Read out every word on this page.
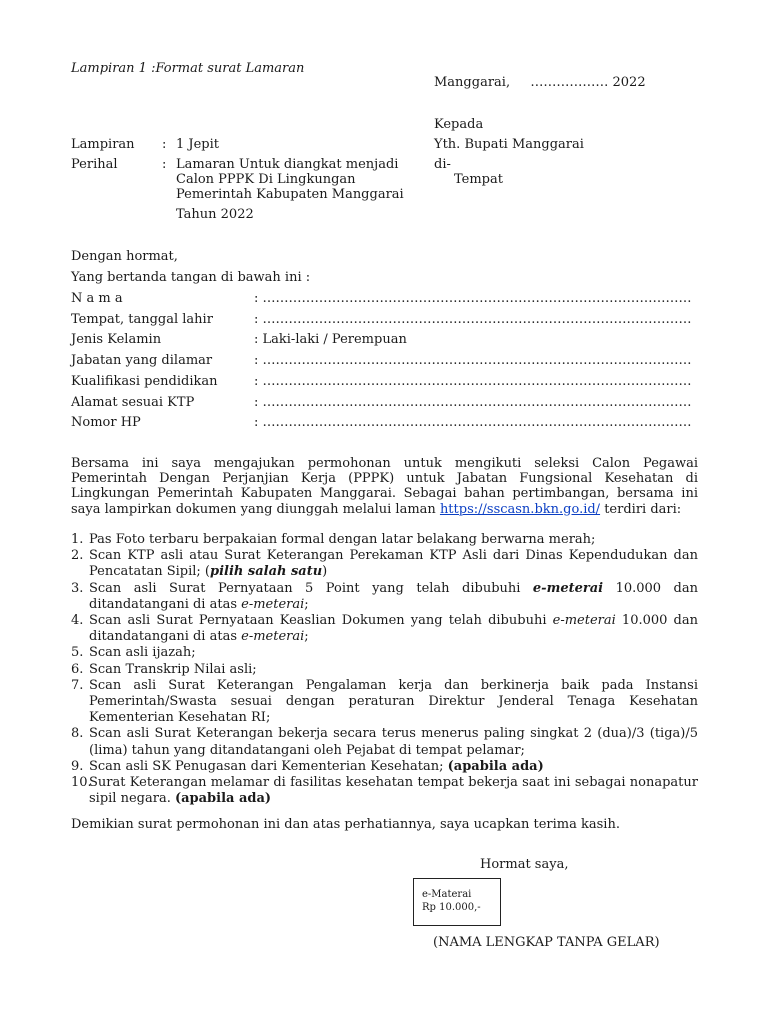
Lampiran 1 :Format surat Lamaran
Manggarai, ……………… 2022
Kepada
Yth. Bupati Manggarai
di-
Tempat
Lampiran : 1 Jepit
Perihal	: Lamaran Untuk diangkat menjadi
Calon PPPK Di Lingkungan
Pemerintah Kabupaten Manggarai
Tahun 2022
Dengan hormat,
Yang bertanda tangan di bawah ini :
N a m a	: ………………………………………………………………………………………
Tempat, tanggal lahir	: ………………………………………………………………………………………
Jenis Kelamin	: Laki-laki / Perempuan
Jabatan yang dilamar	: ………………………………………………………………………………………
Kualifikasi pendidikan	: ………………………………………………………………………………………
Alamat sesuai KTP	: ………………………………………………………………………………………
Nomor HP	: ………………………………………………………………………………………

Bersama ini saya mengajukan permohonan untuk mengikuti seleksi Calon Pegawai Pemerintah Dengan Perjanjian Kerja (PPPK) untuk Jabatan Fungsional Kesehatan di Lingkungan Pemerintah Kabupaten Manggarai. Sebagai bahan pertimbangan, bersama ini saya lampirkan dokumen yang diunggah melalui laman https://sscasn.bkn.go.id/ terdiri dari:

1. Pas Foto terbaru berpakaian formal dengan latar belakang berwarna merah;
2. Scan KTP asli atau Surat Keterangan Perekaman KTP Asli dari Dinas Kependudukan dan Pencatatan Sipil; (pilih salah satu)
3. Scan asli Surat Pernyataan 5 Point yang telah dibubuhi e-meterai 10.000 dan ditandatangani di atas e-meterai;
4. Scan asli Surat Pernyataan Keaslian Dokumen yang telah dibubuhi e-meterai 10.000 dan ditandatangani di atas e-meterai;
5. Scan asli ijazah;
6. Scan Transkrip Nilai asli;
7. Scan asli Surat Keterangan Pengalaman kerja dan berkinerja baik pada Instansi Pemerintah/Swasta sesuai dengan peraturan Direktur Jenderal Tenaga Kesehatan Kementerian Kesehatan RI;
8. Scan asli Surat Keterangan bekerja secara terus menerus paling singkat 2 (dua)/3 (tiga)/5 (lima) tahun yang ditandatangani oleh Pejabat di tempat pelamar;
9. Scan asli SK Penugasan dari Kementerian Kesehatan; (apabila ada)
10.
Surat Keterangan melamar di fasilitas kesehatan tempat bekerja saat ini sebagai nonapatur sipil negara. (apabila ada)
Demikian surat permohonan ini dan atas perhatiannya, saya ucapkan terima kasih.
Hormat saya,
e-Materai
Rp 10.000,-
(NAMA LENGKAP TANPA GELAR)
